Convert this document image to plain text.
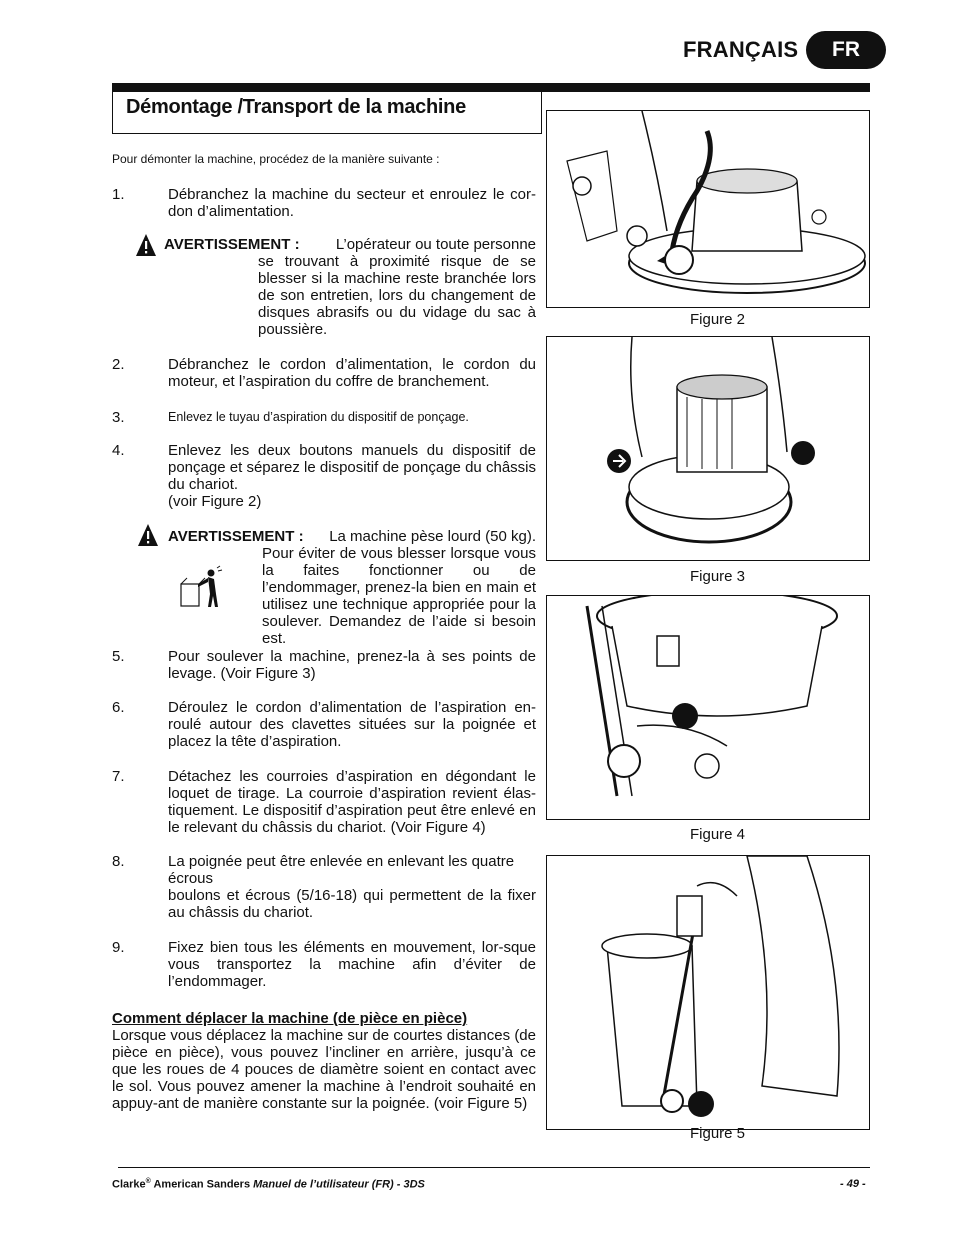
FRANÇAIS	FR
Démontage /Transport de la machine
Pour démonter la machine, procédez de la manière suivante :
1.	Débranchez la machine du secteur et enroulez le cor-don d’alimentation.
AVERTISSEMENT : L’opérateur ou toute personne
se trouvant à proximité risque de se blesser si la machine reste branchée lors de son entretien, lors du changement de disques abrasifs ou du vidage du sac à poussière.
2.	Débranchez le cordon d’alimentation, le cordon du moteur, et l’aspiration du coffre de branchement.
3.	Enlevez le tuyau d’aspiration du dispositif de ponçage.
4.	Enlevez les deux boutons manuels du dispositif de ponçage et séparez le dispositif de ponçage du châssis du chariot.
(voir Figure 2)
AVERTISSEMENT : La machine pèse lourd (50 kg).
Pour éviter de vous blesser lorsque vous la faites fonctionner ou de l’endommager, prenez-la bien en main et utilisez une technique appropriée pour la soulever. Demandez de l’aide si besoin est.
5.	Pour soulever la machine, prenez-la à ses points de levage. (Voir Figure 3)
6.	Déroulez le cordon d’alimentation de l’aspiration en-roulé autour des clavettes situées sur la poignée et placez la tête d’aspiration.
7.	Détachez les courroies d’aspiration en dégondant le loquet de tirage. La courroie d’aspiration revient élas-tiquement. Le dispositif d’aspiration peut être enlevé en le relevant du châssis du chariot. (Voir Figure 4)
8.	La poignée peut être enlevée en enlevant les quatre écrous
boulons et écrous (5/16-18) qui permettent de la fixer au châssis du chariot.
9.	Fixez bien tous les éléments en mouvement, lor-sque vous transportez la machine afin d’éviter de l’endommager.
Comment déplacer la machine (de pièce en pièce)
Lorsque vous déplacez la machine sur de courtes distances (de pièce en pièce), vous pouvez l’incliner en arrière, jusqu’à ce que les roues de 4 pouces de diamètre soient en contact avec le sol. Vous pouvez amener la machine à l’endroit souhaité en appuy-ant de manière constante sur la poignée. (voir Figure 5)
Figure 2
Figure 3
Figure 4
Figure 5
Clarke® American Sanders Manuel de l’utilisateur (FR) - 3DS	- 49 -
